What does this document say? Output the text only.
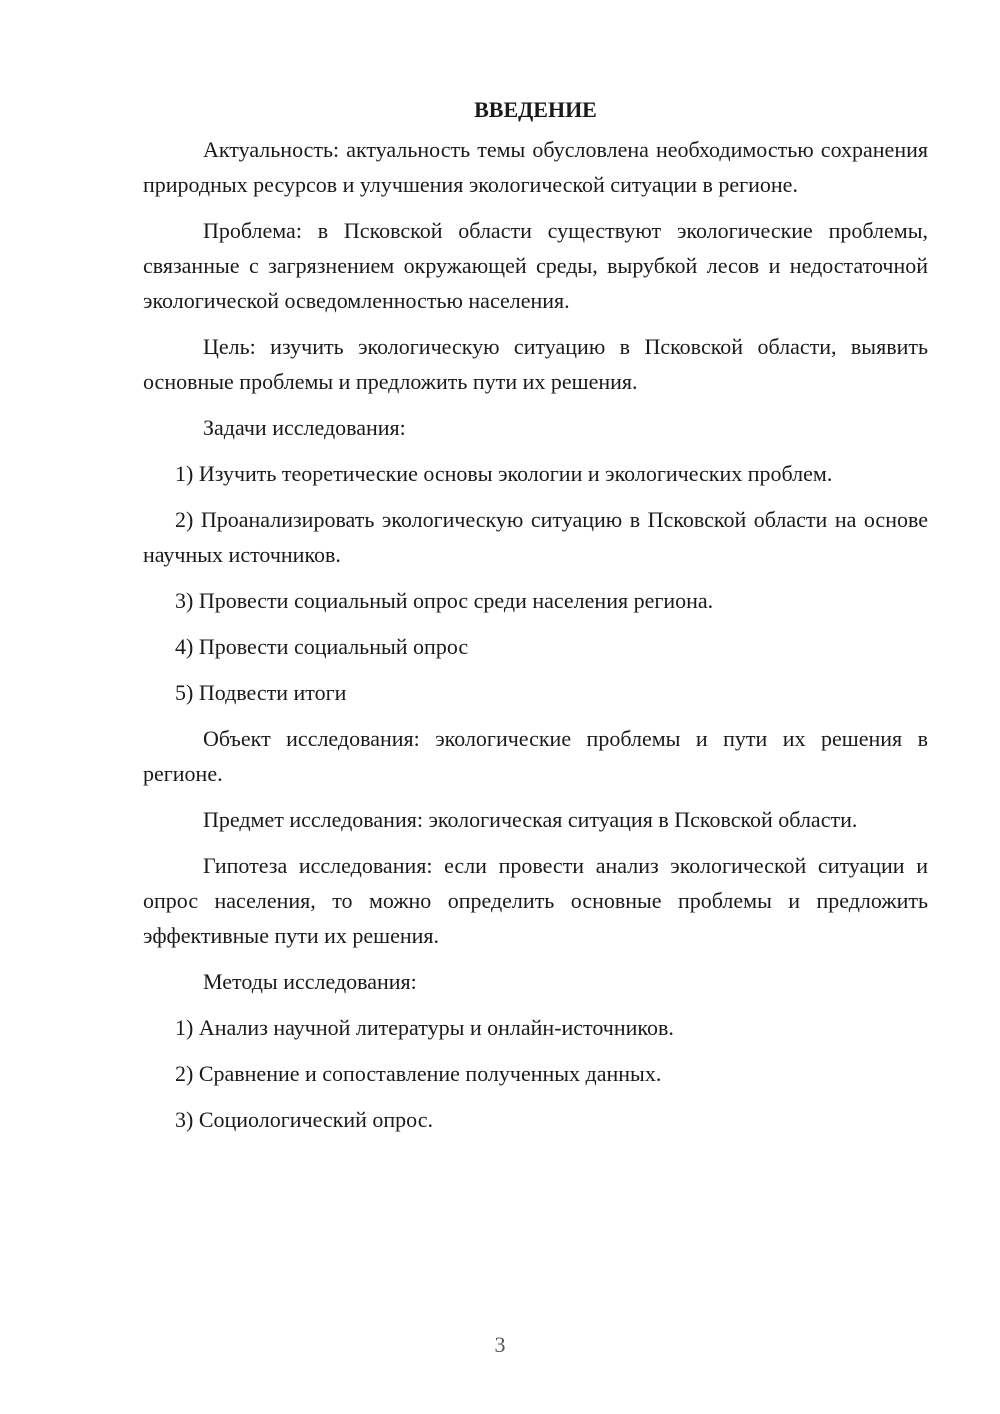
ВВЕДЕНИЕ

Актуальность: актуальность темы обусловлена необходимостью сохранения природных ресурсов и улучшения экологической ситуации в регионе.

Проблема: в Псковской области существуют экологические проблемы, связанные с загрязнением окружающей среды, вырубкой лесов и недостаточной экологической осведомленностью населения.

Цель: изучить экологическую ситуацию в Псковской области, выявить основные проблемы и предложить пути их решения.

Задачи исследования:

1) Изучить теоретические основы экологии и экологических проблем.

2) Проанализировать экологическую ситуацию в Псковской области на основе научных источников.

3) Провести социальный опрос среди населения региона.

4) Провести социальный опрос

5) Подвести итоги

Объект исследования: экологические проблемы и пути их решения в регионе.

Предмет исследования: экологическая ситуация в Псковской области.

Гипотеза исследования: если провести анализ экологической ситуации и опрос населения, то можно определить основные проблемы и предложить эффективные пути их решения.

Методы исследования:

1) Анализ научной литературы и онлайн-источников.

2) Сравнение и сопоставление полученных данных.

3) Социологический опрос.

3
